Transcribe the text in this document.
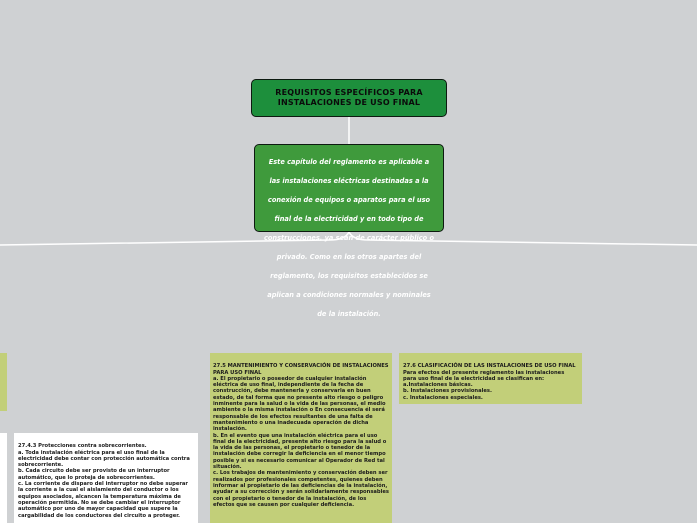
REQUISITOS ESPECÍFICOS PARA INSTALACIONES DE USO FINAL
Este capítulo del reglamento es aplicable a las instalaciones eléctricas destinadas a la conexión de equipos o aparatos para el uso final de la electricidad y en todo tipo de construcciones, ya sean de carácter público o privado. Como en los otros apartes del reglamento, los requisitos establecidos se aplican a condiciones normales y nominales de la instalación.

27.5 MANTENIMIENTO Y CONSERVACIÓN DE INSTALACIONES PARA USO FINAL
a. El propietario o poseedor de cualquier instalación eléctrica de uso final, independiente de la fecha de construcción, debe mantenerla y conservarla en buen estado, de tal forma que no presente alto riesgo o peligro inminente para la salud o la vida de las personas, el medio ambiente o la misma instalación o En consecuencia él será responsable de los efectos resultantes de una falta de mantenimiento o una inadecuada operación de dicha instalación.
b. En el evento que una instalación eléctrica para el uso final de la electricidad, presente alto riesgo para la salud o la vida de las personas, el propietario o tenedor de la instalación debe corregir la deficiencia en el menor tiempo posible y si es necesario comunicar al Operador de Red tal situación.
c. Los trabajos de mantenimiento y conservación deben ser realizados por profesionales competentes, quienes deben informar al propietario de las deficiencias de la instalación, ayudar a su corrección y serán solidariamente responsables con el propietario o tenedor de la instalación, de los efectos que se causen por cualquier deficiencia.

27.6 CLASIFICACIÓN DE LAS INSTALACIONES DE USO FINAL
Para efectos del presente reglamento las instalaciones para uso final de la electricidad se clasifican en:
a.Instalaciones básicas.
b. Instalaciones provisionales.
c. Instalaciones especiales.

27.4.3 Protecciones contra sobrecorrientes.
a. Toda instalación eléctrica para el uso final de la electricidad debe contar con protección automática contra sobrecorriente.
b. Cada circuito debe ser provisto de un interruptor automático, que lo proteja de sobrecorrientes.
c. La corriente de disparo del interruptor no debe superar la corriente a la cual el aislamiento del conductor o los equipos asociados, alcancen la temperatura máxima de operación permitida. No se debe cambiar el interruptor automático por uno de mayor capacidad que supere la cargabilidad de los conductores del circuito a proteger.
